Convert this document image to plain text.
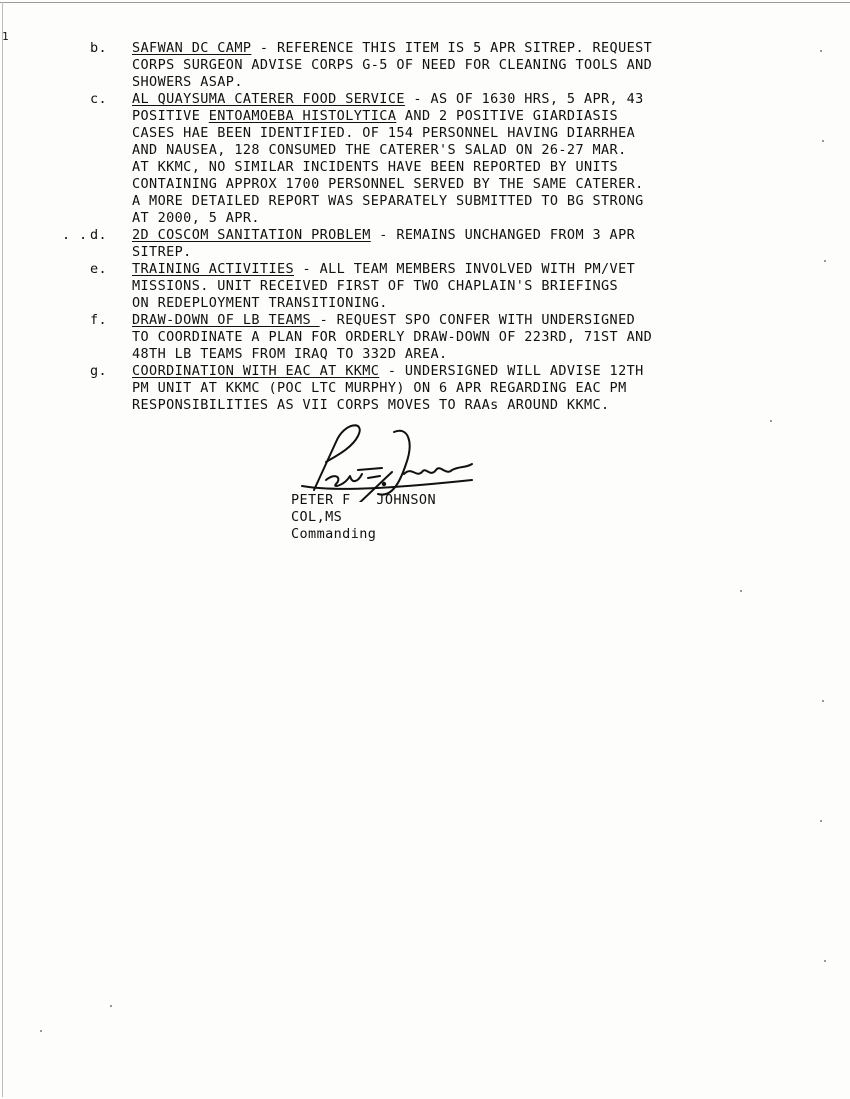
1
b. SAFWAN DC CAMP - REFERENCE THIS ITEM IS 5 APR SITREP. REQUEST
CORPS SURGEON ADVISE CORPS G-5 OF NEED FOR CLEANING TOOLS AND
SHOWERS ASAP.
c. AL QUAYSUMA CATERER FOOD SERVICE - AS OF 1630 HRS, 5 APR, 43
POSITIVE ENTOAMOEBA HISTOLYTICA AND 2 POSITIVE GIARDIASIS
CASES HAE BEEN IDENTIFIED. OF 154 PERSONNEL HAVING DIARRHEA
AND NAUSEA, 128 CONSUMED THE CATERER'S SALAD ON 26-27 MAR.
AT KKMC, NO SIMILAR INCIDENTS HAVE BEEN REPORTED BY UNITS
CONTAINING APPROX 1700 PERSONNEL SERVED BY THE SAME CATERER.
A MORE DETAILED REPORT WAS SEPARATELY SUBMITTED TO BG STRONG
AT 2000, 5 APR.
. . d. 2D COSCOM SANITATION PROBLEM - REMAINS UNCHANGED FROM 3 APR
SITREP.
e. TRAINING ACTIVITIES - ALL TEAM MEMBERS INVOLVED WITH PM/VET
MISSIONS. UNIT RECEIVED FIRST OF TWO CHAPLAIN'S BRIEFINGS
ON REDEPLOYMENT TRANSITIONING.
f. DRAW-DOWN OF LB TEAMS - REQUEST SPO CONFER WITH UNDERSIGNED
TO COORDINATE A PLAN FOR ORDERLY DRAW-DOWN OF 223RD, 71ST AND
48TH LB TEAMS FROM IRAQ TO 332D AREA.
g. COORDINATION WITH EAC AT KKMC - UNDERSIGNED WILL ADVISE 12TH
PM UNIT AT KKMC (POC LTC MURPHY) ON 6 APR REGARDING EAC PM
RESPONSIBILITIES AS VII CORPS MOVES TO RAAs AROUND KKMC.
PETER F JOHNSON
COL,MS
Commanding
